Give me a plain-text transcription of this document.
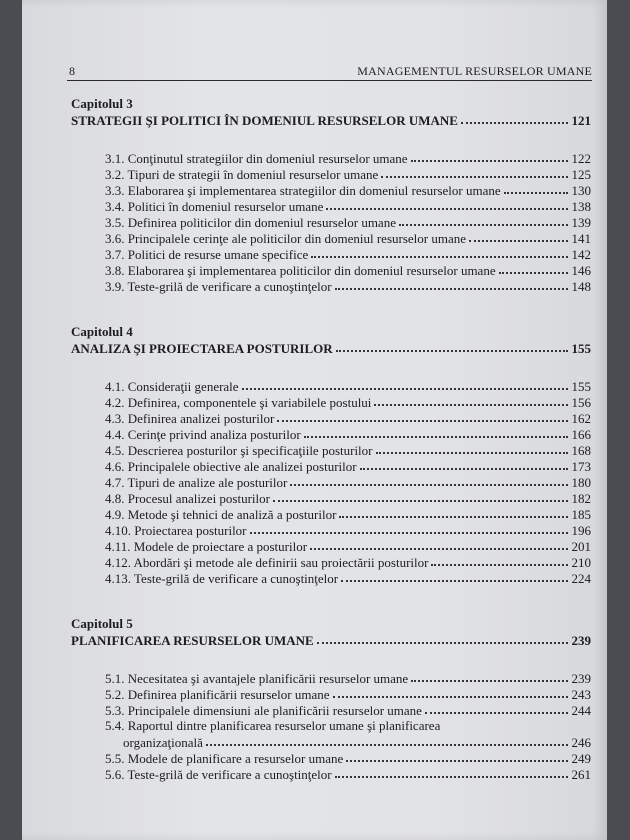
8	MANAGEMENTUL RESURSELOR UMANE
Capitolul 3
STRATEGII ŞI POLITICI ÎN DOMENIUL RESURSELOR UMANE	121
3.1. Conţinutul strategiilor din domeniul resurselor umane	122
3.2. Tipuri de strategii în domeniul resurselor umane	125
3.3. Elaborarea şi implementarea strategiilor din domeniul resurselor umane	130
3.4. Politici în domeniul resurselor umane	138
3.5. Definirea politicilor din domeniul resurselor umane	139
3.6. Principalele cerinţe ale politicilor din domeniul resurselor umane	141
3.7. Politici de resurse umane specifice	142
3.8. Elaborarea şi implementarea politicilor din domeniul resurselor umane	146
3.9. Teste-grilă de verificare a cunoştinţelor	148
Capitolul 4
ANALIZA ŞI PROIECTAREA POSTURILOR	155
4.1. Consideraţii generale	155
4.2. Definirea, componentele şi variabilele postului	156
4.3. Definirea analizei posturilor	162
4.4. Cerinţe privind analiza posturilor	166
4.5. Descrierea posturilor şi specificaţiile posturilor	168
4.6. Principalele obiective ale analizei posturilor	173
4.7. Tipuri de analize ale posturilor	180
4.8. Procesul analizei posturilor	182
4.9. Metode şi tehnici de analiză a posturilor	185
4.10. Proiectarea posturilor	196
4.11. Modele de proiectare a posturilor	201
4.12. Abordări şi metode ale definirii sau proiectării posturilor	210
4.13. Teste-grilă de verificare a cunoştinţelor	224
Capitolul 5
PLANIFICAREA RESURSELOR UMANE	239
5.1. Necesitatea şi avantajele planificării resurselor umane	239
5.2. Definirea planificării resurselor umane	243
5.3. Principalele dimensiuni ale planificării resurselor umane	244
5.4. Raportul dintre planificarea resurselor umane şi planificarea
organizaţională	246
5.5. Modele de planificare a resurselor umane	249
5.6. Teste-grilă de verificare a cunoştinţelor	261
